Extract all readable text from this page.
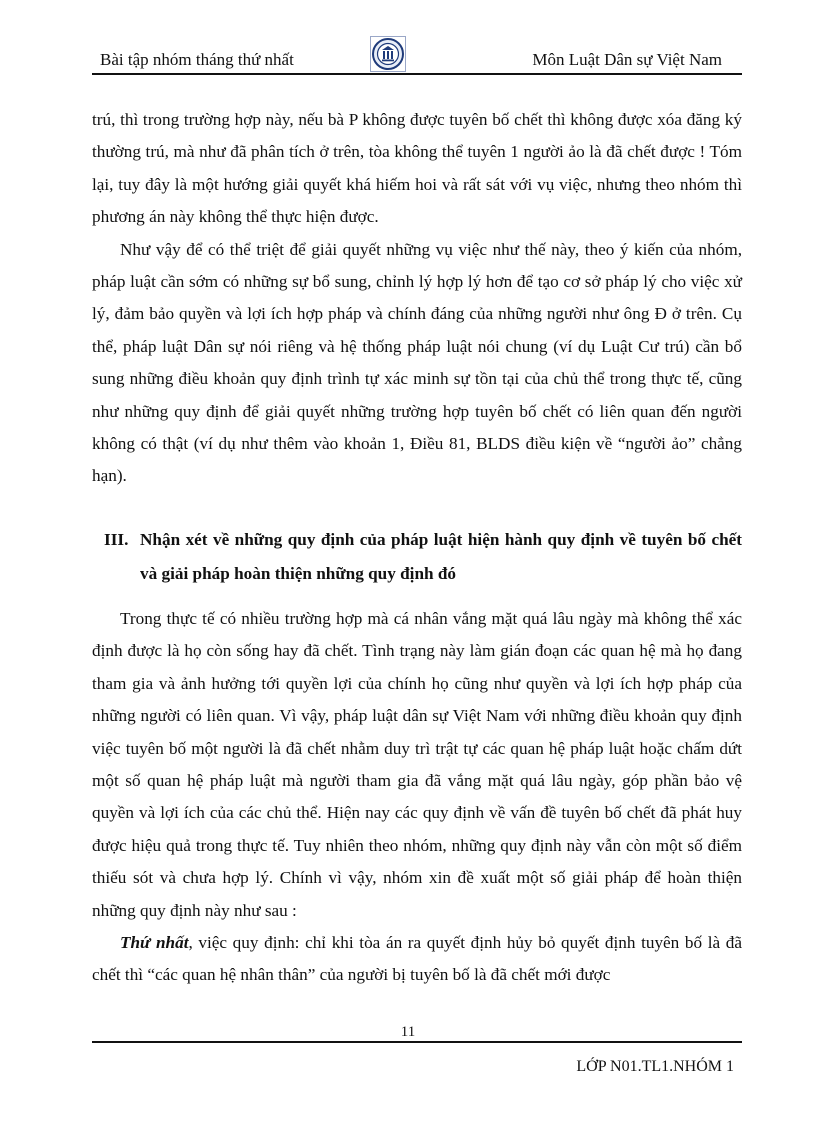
Bài tập nhóm tháng thứ nhất	Môn Luật Dân sự Việt Nam

trú, thì trong trường hợp này, nếu bà P không được tuyên bố chết thì không được xóa đăng ký thường trú, mà như đã phân tích ở trên, tòa không thể tuyên 1 người ảo là đã chết được ! Tóm lại, tuy đây là một hướng giải quyết khá hiếm hoi và rất sát với vụ việc, nhưng theo nhóm thì phương án này không thể thực hiện được.

Như vậy để có thể triệt để giải quyết những vụ việc như thế này, theo ý kiến của nhóm, pháp luật cần sớm có những sự bổ sung, chỉnh lý hợp lý hơn để tạo cơ sở pháp lý cho việc xử lý, đảm bảo quyền và lợi ích hợp pháp và chính đáng của những người như ông Đ ở trên. Cụ thể, pháp luật Dân sự nói riêng và hệ thống pháp luật nói chung (ví dụ Luật Cư trú) cần bổ sung những điều khoản quy định trình tự xác minh sự tồn tại của chủ thể trong thực tế, cũng như những quy định để giải quyết những trường hợp tuyên bố chết có liên quan đến người không có thật (ví dụ như thêm vào khoản 1, Điều 81, BLDS điều kiện về “người ảo” chẳng hạn).

III. Nhận xét về những quy định của pháp luật hiện hành quy định về tuyên bố chết và giải pháp hoàn thiện những quy định đó

Trong thực tế có nhiều trường hợp mà cá nhân vắng mặt quá lâu ngày mà không thể xác định được là họ còn sống hay đã chết. Tình trạng này làm gián đoạn các quan hệ mà họ đang tham gia và ảnh hưởng tới quyền lợi của chính họ cũng như quyền và lợi ích hợp pháp của những người có liên quan. Vì vậy, pháp luật dân sự Việt Nam với những điều khoản quy định việc tuyên bố một người là đã chết nhằm duy trì trật tự các quan hệ pháp luật hoặc chấm dứt một số quan hệ pháp luật mà người tham gia đã vắng mặt quá lâu ngày, góp phần bảo vệ quyền và lợi ích của các chủ thể. Hiện nay các quy định về vấn đề tuyên bố chết đã phát huy được hiệu quả trong thực tế. Tuy nhiên theo nhóm, những quy định này vẫn còn một số điểm thiếu sót và chưa hợp lý. Chính vì vậy, nhóm xin đề xuất một số giải pháp để hoàn thiện những quy định này như sau :

Thứ nhất, việc quy định: chỉ khi tòa án ra quyết định hủy bỏ quyết định tuyên bố là đã chết thì “các quan hệ nhân thân” của người bị tuyên bố là đã chết mới được

11
LỚP N01.TL1.NHÓM 1
